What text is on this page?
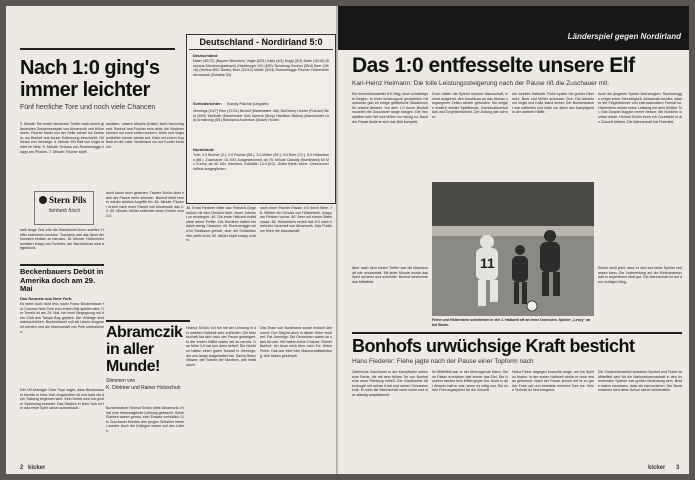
Nach 1:0 ging's immer leichter
Fünf herrliche Tore und noch viele Chancen
Deutschland - Nordirland 5:0
Deutschland:
Maier (62/72) (Bayern München) Vogts (83/1) Kaltz (4/4) Nogly (8/3) Dietz (16/10) (Borussia Mönchengladbach) (Hamburger SV) (MSV Duisburg) Bonhof (55/4) Beer (18/16) (Hertha BSC Berlin) Beer (52/12) Müller (52/4) Rummenigge Fischer Hölzenbein Abramczik (Schalke 04)
Schiedsrichter: Karoly Palotai (Ungarn)
Jennings (43/7) Rice (27/14) Nicholl (Manchester Utd) McCreery Hunter (Fulham) Best (35/9) McGrath (Manchester Utd) Spence (Bury) Hamilton McIlroy (Manchester Utd) Armstrong (5/1) Blackpool Anderson (Stoke) Hunter
Nordirland:
Tore: 1:0 Bonhof (3.), 2:0 Fischer (56.), 3:0 Müller (69.), 4:0 Beer (72.), 5:0 Hölzenbein (86.). Zuschauer: 61 000. Ausgewechselt: ab 75. Minute Cassidy (Nordirland) für Mc Creery, ab 46. Min. Hamilton. Eckbälle: 13:4 (6:2). Gelbe Karte: keine. Chancenverhältnis ausgeglichen.
3. Minute: Ein erster deutscher Treffer nach einem glänzenden Zusammenspiel von Abramczik und Hölzenbein. Fischer flankt von der Seite scharf ins Zentrum, wo Bonhof aus kurzer Entfernung einschießt. Gehäuse von Jennings. 4. Minute: Ein Ball von Vogts landet im Netz. 5. Minute: Schuss von Rummenigge knapp am Pfosten. 7. Minute: Fischer köpft.
schalten, unsere Abwehr (Kaltz!) steht hervorragend. Bonhof und Fischer sehr aktiv, die Nordiren können nur noch selten kontern. Dietz und Vogts schließen immer wieder auf. Kaltz mit einem Kopfball an die Latte. Nordirland nur auf Konter bedacht.
Stern Pils
feinherb frisch
halb lange Zeit, ehe die Hausherren ihren zweiten Treffer markieren konnten. Trotzdem war das Spiel der Nordiren einfach zu harmlos. 18. Minute: Hölzenbein scheitert knapp am Torhüter, der Nachschuss wird abgeblockt.
auch kaum noch gesehen. Trainer Schön lässt nach der Pause mehr stürmen. Bonhof leitet immer wieder schöne Angriffe ein. 56. Minute: Fischer erzielt nach einer Flanke von Abramczik das 2:0. 69. Minute: Müller vollendet einen Konter zum 3:0.
38. Ernst Fiederer hatte das Freistoß-Gegenstück mit dem Gesicht nicht, einen Jubelruf zu erzwingen. 40. Die erste Halbzeit endet ohne einen Treffer. Die Nordiren hatten bis dahin wenig Chancen. 44. Rummenigge wird im Strafraum gefoult, aber der Schiedsrichter pfeift nicht. 50. Müller köpft knapp vorbei.
nach einer Fischer-Flanke 4:0 durch Beer. 76. Wieder ein Schuss von Hölzenbein, knapp am Pfosten vorbei. 80. Beer mit einem Weitschuss. 86. Hölzenbein erzielt das 5:0 nach herrlicher Vorarbeit von Abramczik. Das Publikum feiert die Mannschaft.
Beckenbauers Debüt in Amerika doch am 29. Mai
Das Neueste aus New York:
Es steht noch nicht fest, wann Franz Beckenbauer für Cosmos New York zum ersten Mal spielen wird. Der Termin ist am 29. Mai, bei einer Begegnung mit dem Club aus Tampa Bay geplant. Die Verträge sind unterschrieben. Beckenbauer soll als Libero eingesetzt werden und die Mannschaft von Pelé unterstützen.	Abramczik in aller Munde!
Stimmen von
K. Dörlmer und Rainer Holzschuh
Bundestrainer Helmut Schön lobte Abramczik: Er hat eine hervorragende Leistung gebracht. Seine Flanken waren genau, sein Einsatz vorbildlich. Die Zuschauer feierten den jungen Schalker immer wieder. Auch die Kollegen waren voll des Lobes.
Helmut Schön: Ich bin mit der Leistung in der zweiten Halbzeit sehr zufrieden. Die Mannschaft hat sich nach der Pause gesteigert. In der ersten Hälfte waren wir zu nervös. Das frühe 1:0 hat uns dann befreit. Die Nordiren hatten einen guten Torwart in Jennings, der uns lange aufgehalten hat. Danny Blanchflower, der Trainer der Nordiren, war enttäuscht.
Das Team von Nordirland wurde einfach überrannt. Der Sieg ist auch in dieser Höhe verdient. Pat Jennings: Die Deutschen waren zu stark für uns. Wir hatten keine Chance. Rainer Bonhof: Ich freue mich über mein Tor. Heinz Flohe: Das war eine tolle Mannschaftsleistung. Alle haben gekämpft.
Der US-Manager Clive Toye sagte, dass Beckenbauer bereits in New York eingetroffen ist und bald mit dem Training beginnen wird. Sein Debüt wird mit großer Spannung erwartet. Das Stadion in New York ist für das erste Spiel schon ausverkauft.
2 kicker
Länderspiel gegen Nordirland
Das 1:0 entfesselte unsere Elf
Karl-Heinz Heimann: Die tolle Leistungssteigerung nach der Pause riß die Zuschauer mit.
Ein bemerkenswerter 5:0-Sieg, doch schwierigste Beginn, in einer schwungvoll gestarteten Hauptrunde gab es einige gefährliche Situationen für unsere Abwehr. Vor dem 1:0 durch Bonhof mussten die Zuschauer lange bangen. Die Iren spielten sehr tief und ließen nur wenig zu. Nach der Pause änderte sich das Bild komplett.
Doch hätten die Spieler unserer Mannschaft, einmal aufgeholt, den Anschluss an das Niveau vergangener Zeiten wieder gefunden. Sie zeigten endlich wieder Spielfreude, Kombinationsfußball und Torgefährlichkeit. Der Anfang war schwer.
der zweiten Halbzeit. Flohe spielte mit großer Übersicht. Beer und Müller schossen Tore. Die Abwehr um Vogts und Kaltz stand sicher. Der Bundestrainer war zufrieden und lobte vor allem den Kampfgeist in der zweiten Hälfte.
Auch die jüngeren Spieler überzeugten. Rummenigge zeigte seine Schnelligkeit, Abramczik bewies, dass er ein Flügelstürmer von internationalem Format ist. Hölzenbein krönte seine Leistung mit dem fünften Tor. Das Zuspiel klappte immer besser, die Nordiren wurden müde. Helmut Schön kann mit Zuversicht in die Zukunft blicken. Die Mannschaft hat Potential.
11
Fiehe und Hölzenbein scheiterten in der 1. Halbzeit oft an Irene Donnolen. Spieler „Leroy“ an bei Bonin.
Aber nach dem ersten Treffer war die Mannschaft wie verwandelt. Mit jeder Minute wurde das Spiel sicherer und schneller. Bonhof bestimmte das Mittelfeld.
Schön weiß jetzt, dass er sich auf seine Spieler verlassen kann. Die Vorbereitung auf die Weltmeisterschaft in Argentinien läuft gut. Die Mannschaft ist auf dem richtigen Weg.
Bonhofs urwüchsige Kraft besticht
Hans Fiederer: Fiehe jagte nach der Pause einer Topform nach
Zahlreiche Zuschauer in der Kampfbahn sahen eine Partie, die mit dem frühen Tor von Bonhof eine neue Richtung erhielt. Der Gladbacher überzeugte mit seiner Kraft und seiner Schusstechnik. Er trieb die Mannschaft nach vorne und war ständig anspielbereit.
Im Mittelfeld war er der überragende Mann. Seine Pässe erreichten fast immer das Ziel. Die Nordiren fanden kein Mittel gegen ihn. Auch in der Abwehr half er aus, wenn es nötig war. Ein echter Führungsspieler für die Zukunft.
Heinz Flohe dagegen brauchte lange, um ins Spiel zu finden. In der ersten Halbzeit wirkte er noch etwas gehemmt. Nach der Pause jedoch lief er zu großer Form auf und bereitete mehrere Tore vor. Seine Technik ist hervorragend.
Die Zusammenarbeit zwischen Bonhof und Flohe im Mittelfeld wird für die Nationalmannschaft in den kommenden Spielen von großer Bedeutung sein. Beide haben bewiesen, dass sie harmonieren. Der Bundestrainer wird diese Achse sicher beibehalten.
kicker 3
